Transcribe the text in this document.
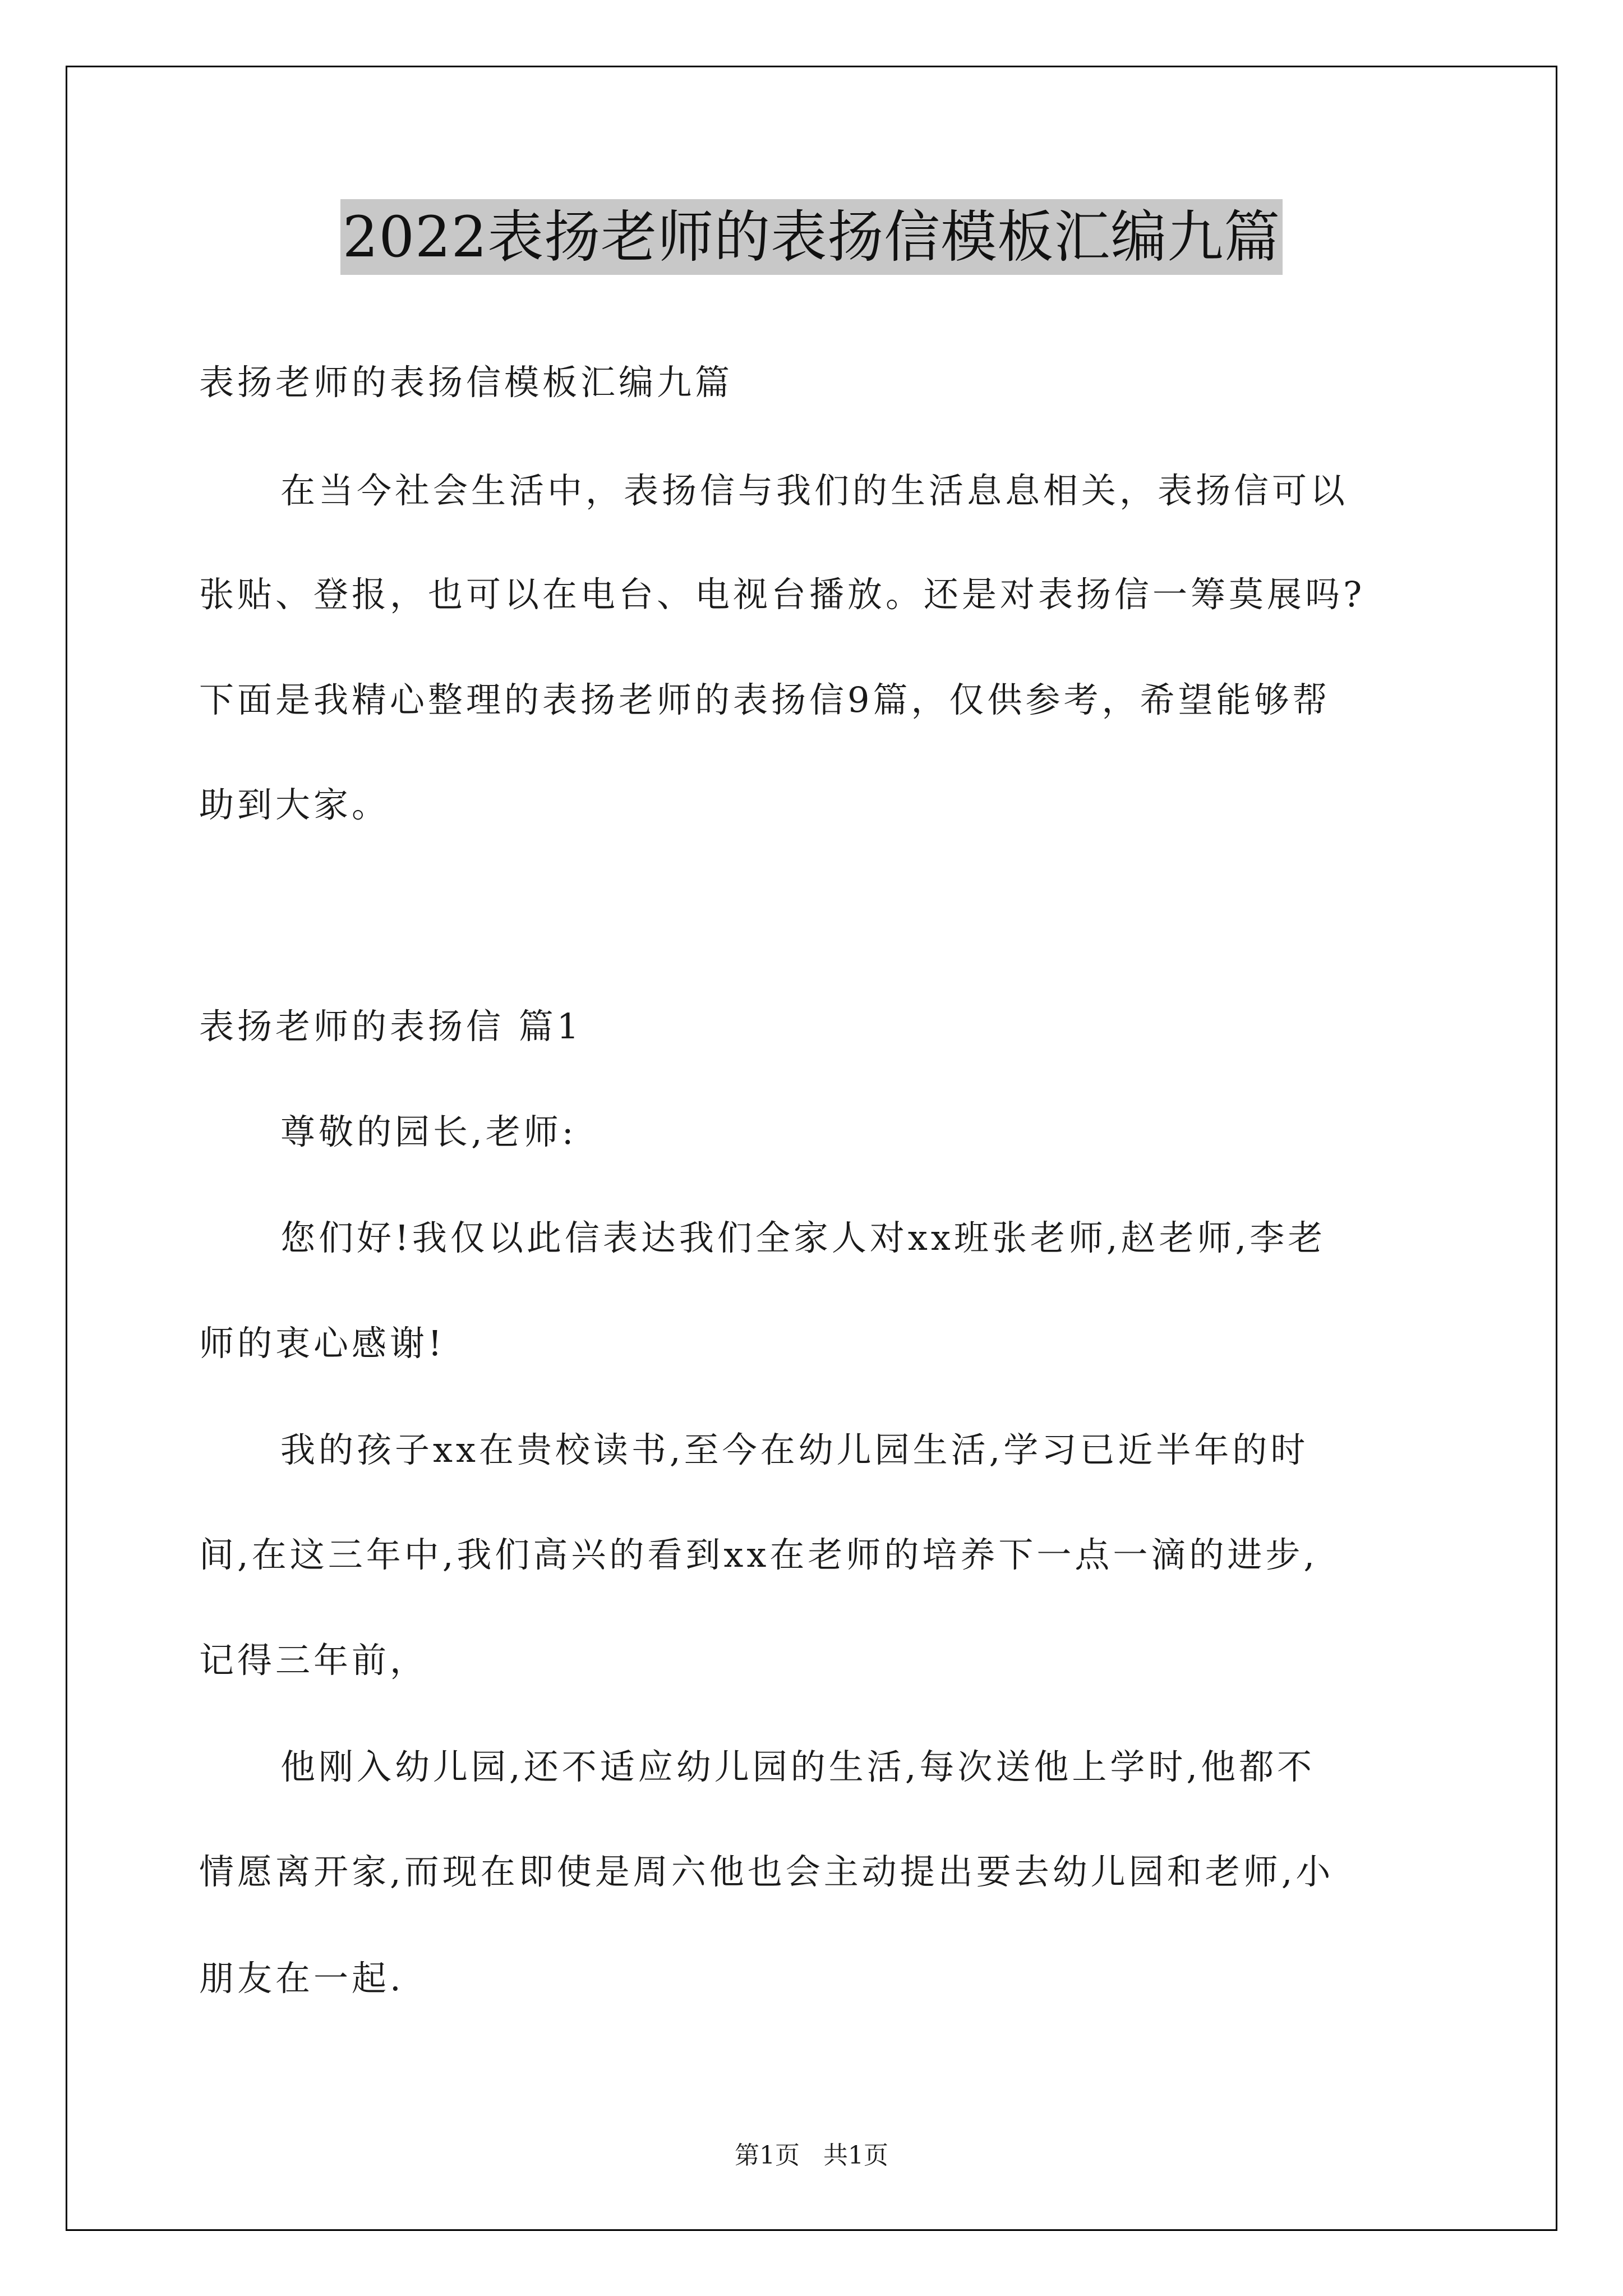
2022表扬老师的表扬信模板汇编九篇
表扬老师的表扬信模板汇编九篇
在当今社会生活中，表扬信与我们的生活息息相关，表扬信可以
张贴、登报，也可以在电台、电视台播放。还是对表扬信一筹莫展吗?
下面是我精心整理的表扬老师的表扬信9篇，仅供参考，希望能够帮
助到大家。
表扬老师的表扬信 篇1
尊敬的园长,老师:
您们好!我仅以此信表达我们全家人对xx班张老师,赵老师,李老
师的衷心感谢!
我的孩子xx在贵校读书,至今在幼儿园生活,学习已近半年的时
间,在这三年中,我们高兴的看到xx在老师的培养下一点一滴的进步,
记得三年前，
他刚入幼儿园,还不适应幼儿园的生活,每次送他上学时,他都不
情愿离开家,而现在即使是周六他也会主动提出要去幼儿园和老师,小
朋友在一起.
第1页   共1页
